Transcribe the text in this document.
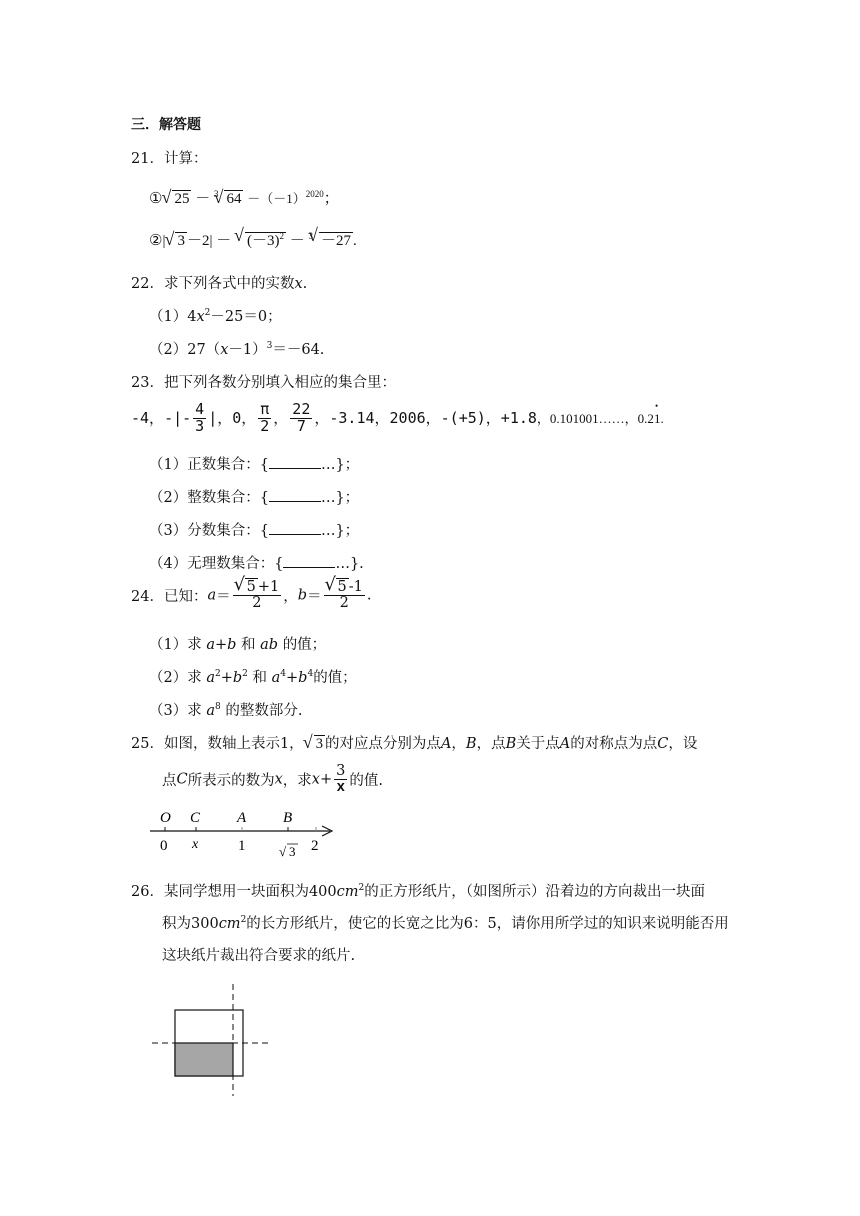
三．解答题
21．计算：
①√ 25 － $^3$√ $64 -(-1)^{2020}$；
②|√ 3 －2| － √ $(-3)^2 - ^3√ -27$ .
22．求下列各式中的实数x.
$(1)4x^2-25=0$；
$(2)27(x-1)^3=-64$.
23．把下列各数分别填入相应的集合里：
-4，-|- $\frac{4}{3}$ |，0， $\frac{\pi}{2}$ ， $\frac{22}{7}$ ，-3.14，2006，-(+5)，+1.8，0.101001……，0.2• 1.
（1）正数集合：{	…}；
（2）整数集合：{	…}；
（3）分数集合：{	…}；
（4）无理数集合：{	…}.
24．已知：a＝
√ $\frac{5 +1}{2}$ ，b＝
√ $\frac{5 -1}{2}$ .
（1）求 a+b 和 ab 的值；
（2）求 $a^2+b^2$ 和 $a^4+b^4$的值；
（3）求 $a^8$ 的整数部分.
25．如图，数轴上表示1，√ 3 的对应点分别为点A，B，点B关于点A的对称点为点C，设
点C所表示的数为x，求$x+ \frac{3}{x}$ 的值.
O C A B
0 x	1	√ 3 2
26．某同学想用一块面积为$400cm^2$的正方形纸片，（如图所示）沿着边的方向裁出一块面
积为$300cm^2$的长方形纸片，使它的长宽之比为6：5，请你用所学过的知识来说明能否用
这块纸片裁出符合要求的纸片.
